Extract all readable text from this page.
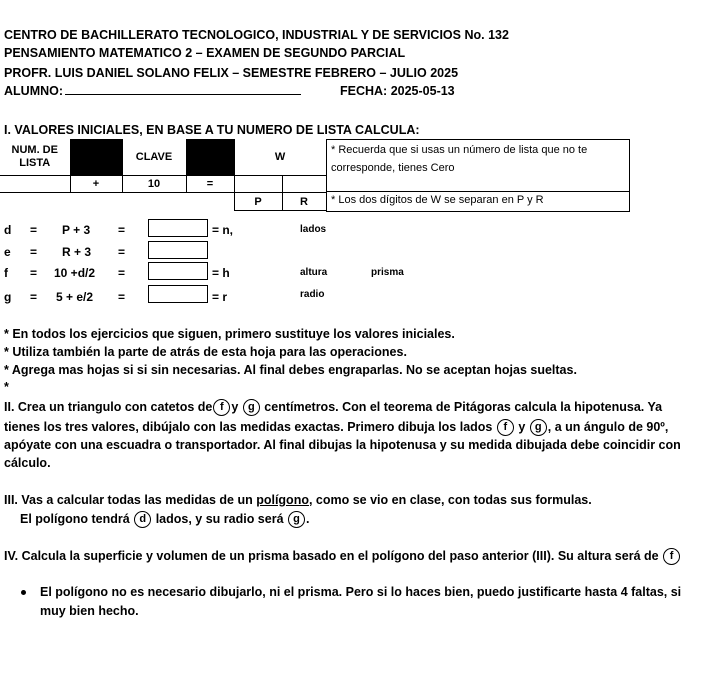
CENTRO DE BACHILLERATO TECNOLOGICO, INDUSTRIAL Y DE SERVICIOS No. 132
PENSAMIENTO MATEMATICO 2 – EXAMEN DE SEGUNDO PARCIAL
PROFR. LUIS DANIEL SOLANO FELIX – SEMESTRE FEBRERO – JULIO 2025
ALUMNO:	FECHA: 2025-05-13
I. VALORES INICIALES, EN BASE A TU NUMERO DE LISTA CALCULA:
NUM. DE
LISTA		CLAVE		W	
	+	10	=		
				P	R
* Recuerda que si usas un número de lista que no te
corresponde, tienes Cero
* Los dos dígitos de W se separan en P y R
d = P + 3 =	= n,	lados
e = R + 3 =
f = 10 +d/2 =	= h	altura	prisma
g = 5 + e/2 =	= r	radio
* En todos los ejercicios que siguen, primero sustituye los valores iniciales.
* Utiliza también la parte de atrás de esta hoja para las operaciones.
* Agrega mas hojas si si sin necesarias. Al final debes engraparlas. No se aceptan hojas sueltas.
*
II. Crea un triangulo con catetos de f y g centímetros. Con el teorema de Pitágoras calcula la hipotenusa. Ya
tienes los tres valores, dibújalo con las medidas exactas. Primero dibuja los lados f y g , a un ángulo de 90º,
apóyate con una escuadra o transportador. Al final dibujas la hipotenusa y su medida dibujada debe coincidir con
cálculo.
III. Vas a calcular todas las medidas de un polígono, como se vio en clase, con todas sus formulas.
El polígono tendrá d lados, y su radio será g .
IV. Calcula la superficie y volumen de un prisma basado en el polígono del paso anterior (III). Su altura será de f
El polígono no es necesario dibujarlo, ni el prisma. Pero si lo haces bien, puedo justificarte hasta 4 faltas, si
muy bien hecho.
